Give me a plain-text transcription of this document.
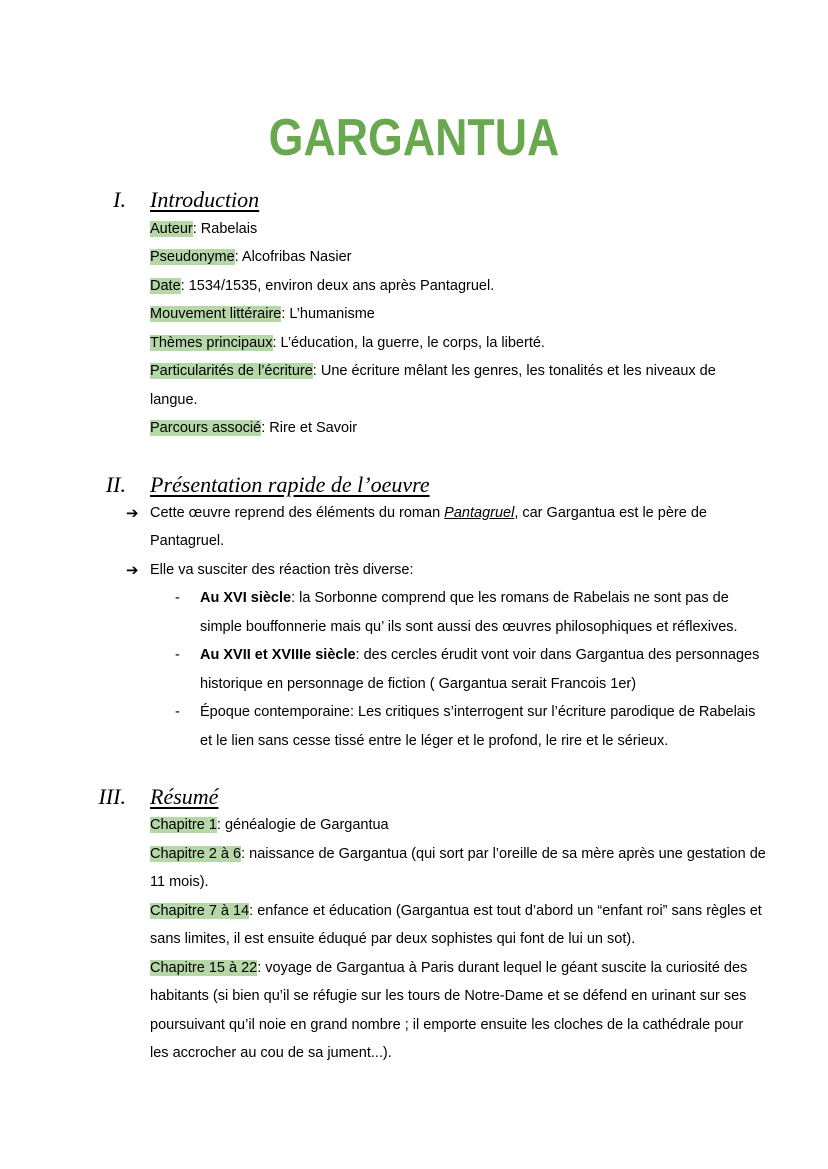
GARGANTUA
I. Introduction
Auteur: Rabelais
Pseudonyme: Alcofribas Nasier
Date: 1534/1535, environ deux ans après Pantagruel.
Mouvement littéraire: L’humanisme
Thèmes principaux: L’éducation, la guerre, le corps, la liberté.
Particularités de l’écriture: Une écriture mêlant les genres, les tonalités et les niveaux de
langue.
Parcours associé: Rire et Savoir
II. Présentation rapide de l’oeuvre
➔ Cette œuvre reprend des éléments du roman Pantagruel, car Gargantua est le père de
Pantagruel.
➔ Elle va susciter des réaction très diverse:
- Au XVI siècle: la Sorbonne comprend que les romans de Rabelais ne sont pas de
simple bouffonnerie mais qu’ ils sont aussi des œuvres philosophiques et réflexives.
- Au XVII et XVIIIe siècle: des cercles érudit vont voir dans Gargantua des personnages
historique en personnage de fiction ( Gargantua serait Francois 1er)
- Époque contemporaine: Les critiques s’interrogent sur l’écriture parodique de Rabelais
et le lien sans cesse tissé entre le léger et le profond, le rire et le sérieux.
III. Résumé
Chapitre 1: généalogie de Gargantua
Chapitre 2 à 6: naissance de Gargantua (qui sort par l’oreille de sa mère après une gestation de
11 mois).
Chapitre 7 à 14: enfance et éducation (Gargantua est tout d’abord un “enfant roi” sans règles et
sans limites, il est ensuite éduqué par deux sophistes qui font de lui un sot).
Chapitre 15 à 22: voyage de Gargantua à Paris durant lequel le géant suscite la curiosité des
habitants (si bien qu’il se réfugie sur les tours de Notre-Dame et se défend en urinant sur ses
poursuivant qu’il noie en grand nombre ; il emporte ensuite les cloches de la cathédrale pour
les accrocher au cou de sa jument...).
